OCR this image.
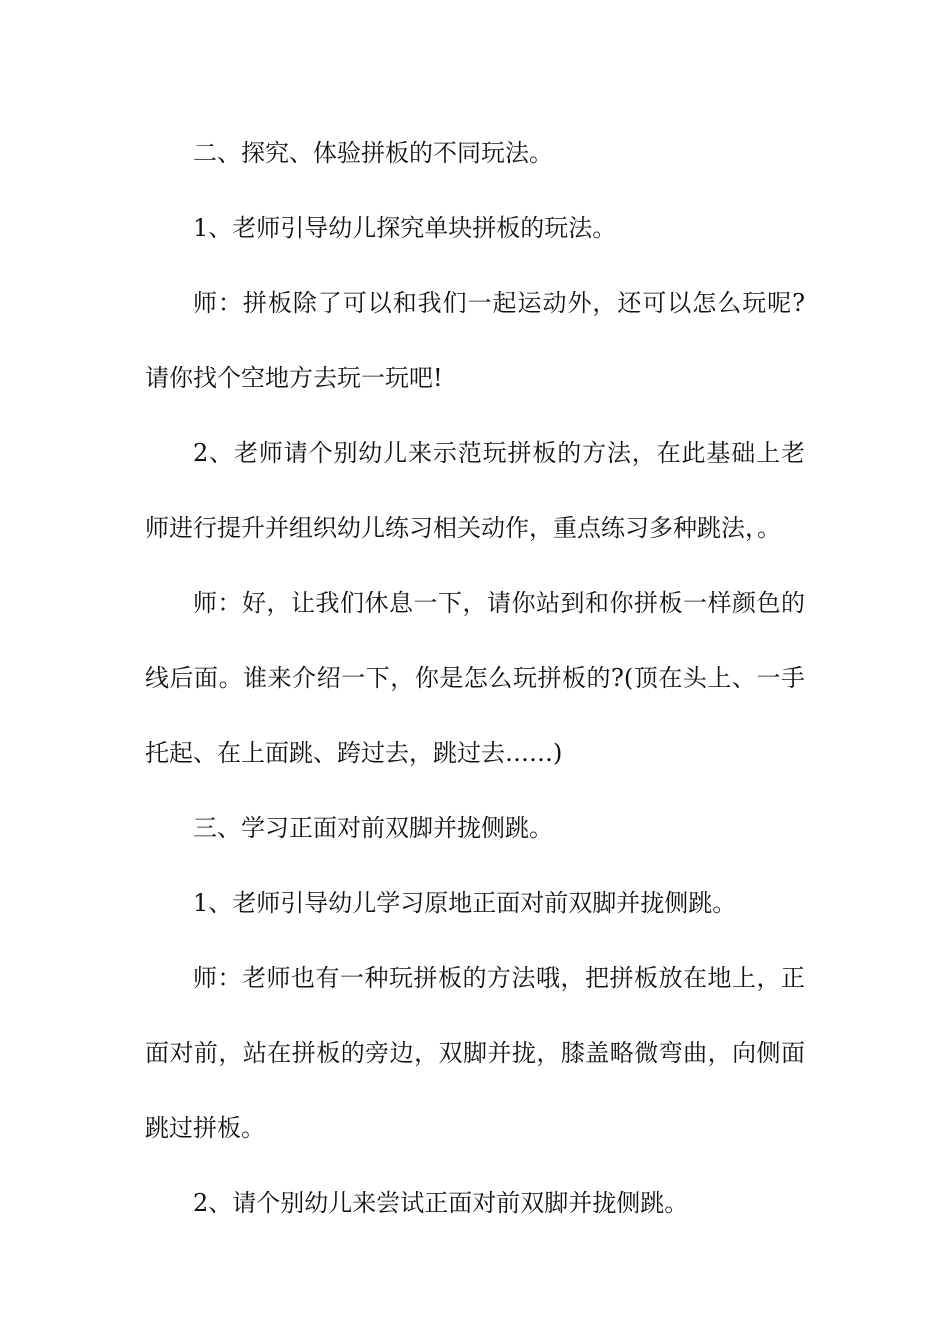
二、探究、体验拼板的不同玩法。

1、老师引导幼儿探究单块拼板的玩法。

师：拼板除了可以和我们一起运动外，还可以怎么玩呢?请你找个空地方去玩一玩吧!

2、老师请个别幼儿来示范玩拼板的方法，在此基础上老师进行提升并组织幼儿练习相关动作，重点练习多种跳法，。

师：好，让我们休息一下，请你站到和你拼板一样颜色的线后面。谁来介绍一下，你是怎么玩拼板的?(顶在头上、一手托起、在上面跳、跨过去，跳过去……)

三、学习正面对前双脚并拢侧跳。

1、老师引导幼儿学习原地正面对前双脚并拢侧跳。

师：老师也有一种玩拼板的方法哦，把拼板放在地上，正面对前，站在拼板的旁边，双脚并拢，膝盖略微弯曲，向侧面跳过拼板。

2、请个别幼儿来尝试正面对前双脚并拢侧跳。
